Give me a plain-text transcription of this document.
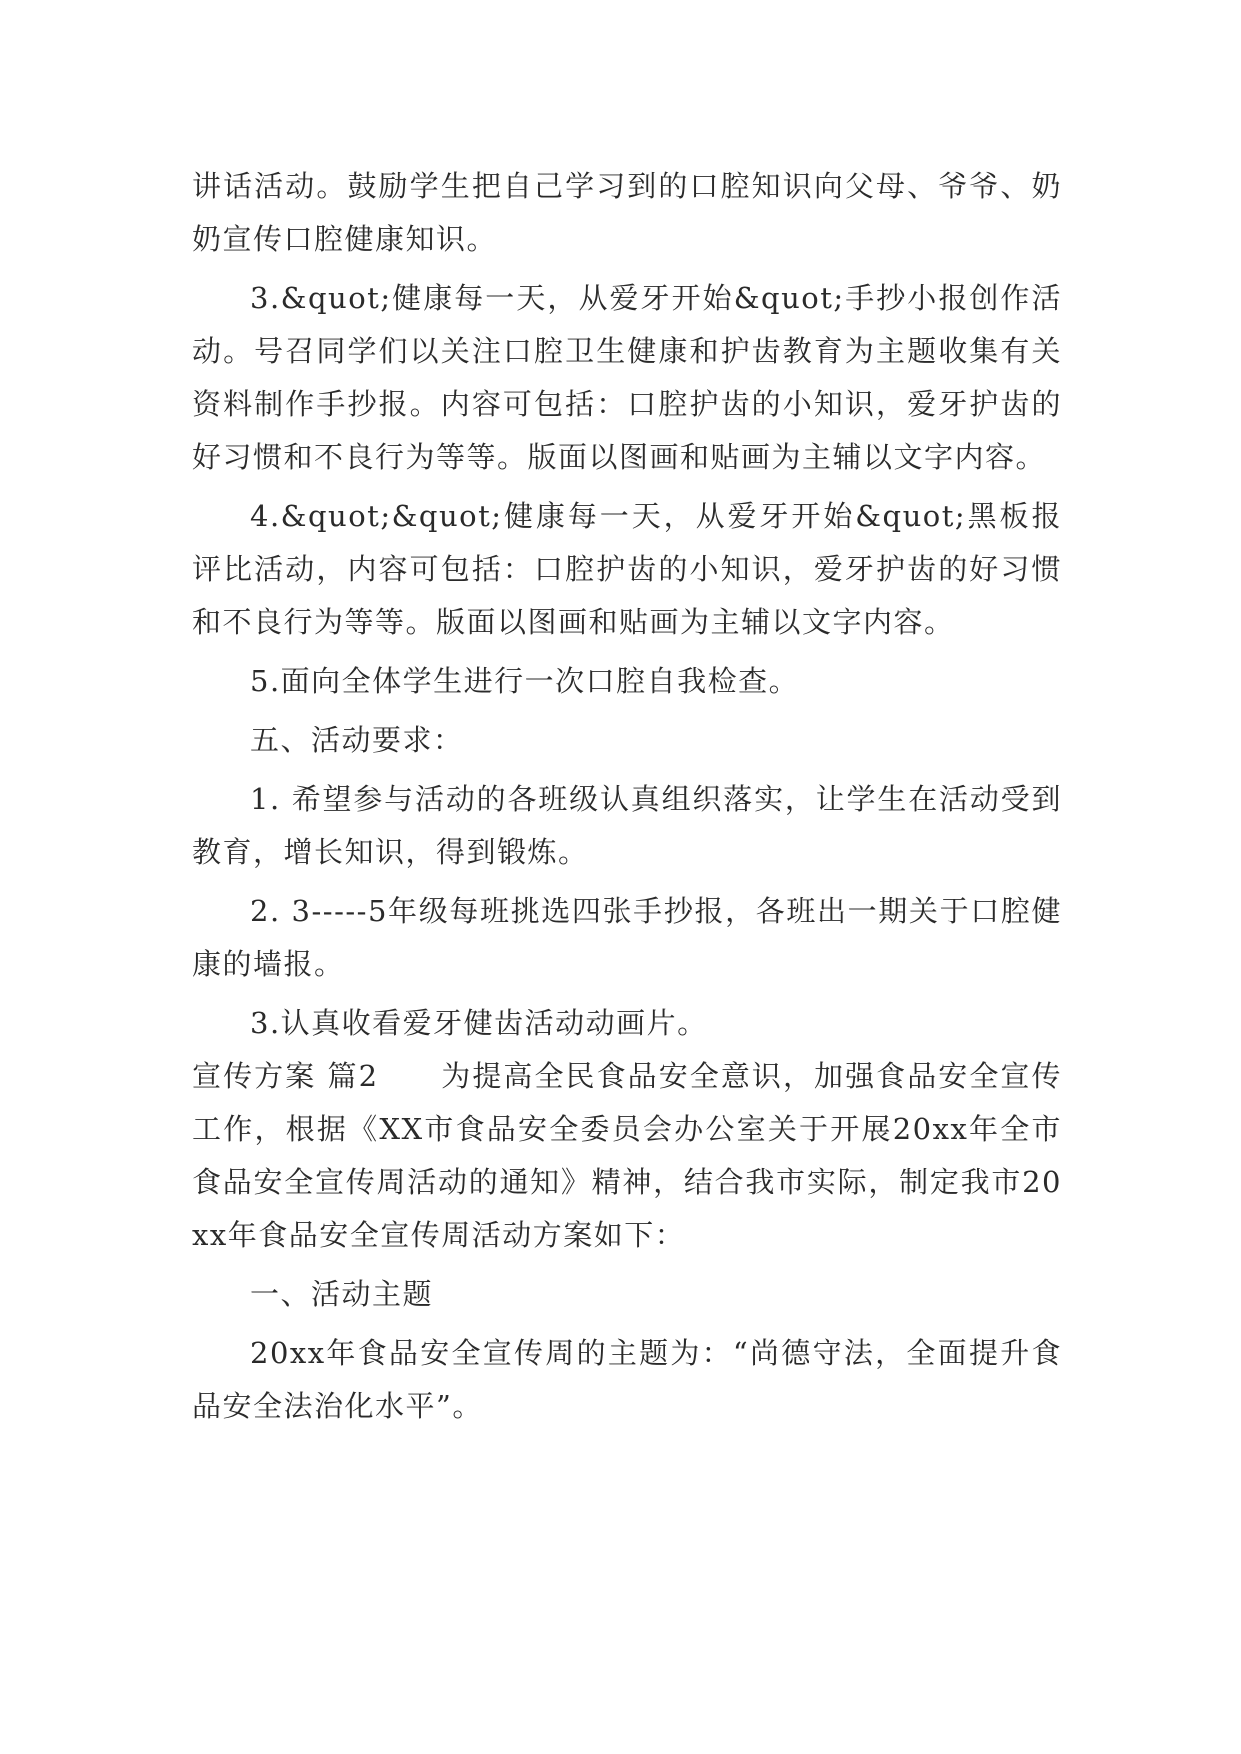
讲话活动。鼓励学生把自己学习到的口腔知识向父母、爷爷、奶奶宣传口腔健康知识。

3.&quot;健康每一天，从爱牙开始&quot;手抄小报创作活动。号召同学们以关注口腔卫生健康和护齿教育为主题收集有关资料制作手抄报。内容可包括：口腔护齿的小知识，爱牙护齿的好习惯和不良行为等等。版面以图画和贴画为主辅以文字内容。

4.&quot;&quot;健康每一天，从爱牙开始&quot;黑板报评比活动，内容可包括：口腔护齿的小知识，爱牙护齿的好习惯和不良行为等等。版面以图画和贴画为主辅以文字内容。

5.面向全体学生进行一次口腔自我检查。

五、活动要求：

1. 希望参与活动的各班级认真组织落实，让学生在活动受到教育，增长知识，得到锻炼。

2. 3-----5年级每班挑选四张手抄报，各班出一期关于口腔健康的墙报。

3.认真收看爱牙健齿活动动画片。

宣传方案 篇2　　为提高全民食品安全意识，加强食品安全宣传工作，根据《XX市食品安全委员会办公室关于开展20xx年全市食品安全宣传周活动的通知》精神，结合我市实际，制定我市20xx年食品安全宣传周活动方案如下：

一、活动主题

20xx年食品安全宣传周的主题为：“尚德守法，全面提升食品安全法治化水平”。
